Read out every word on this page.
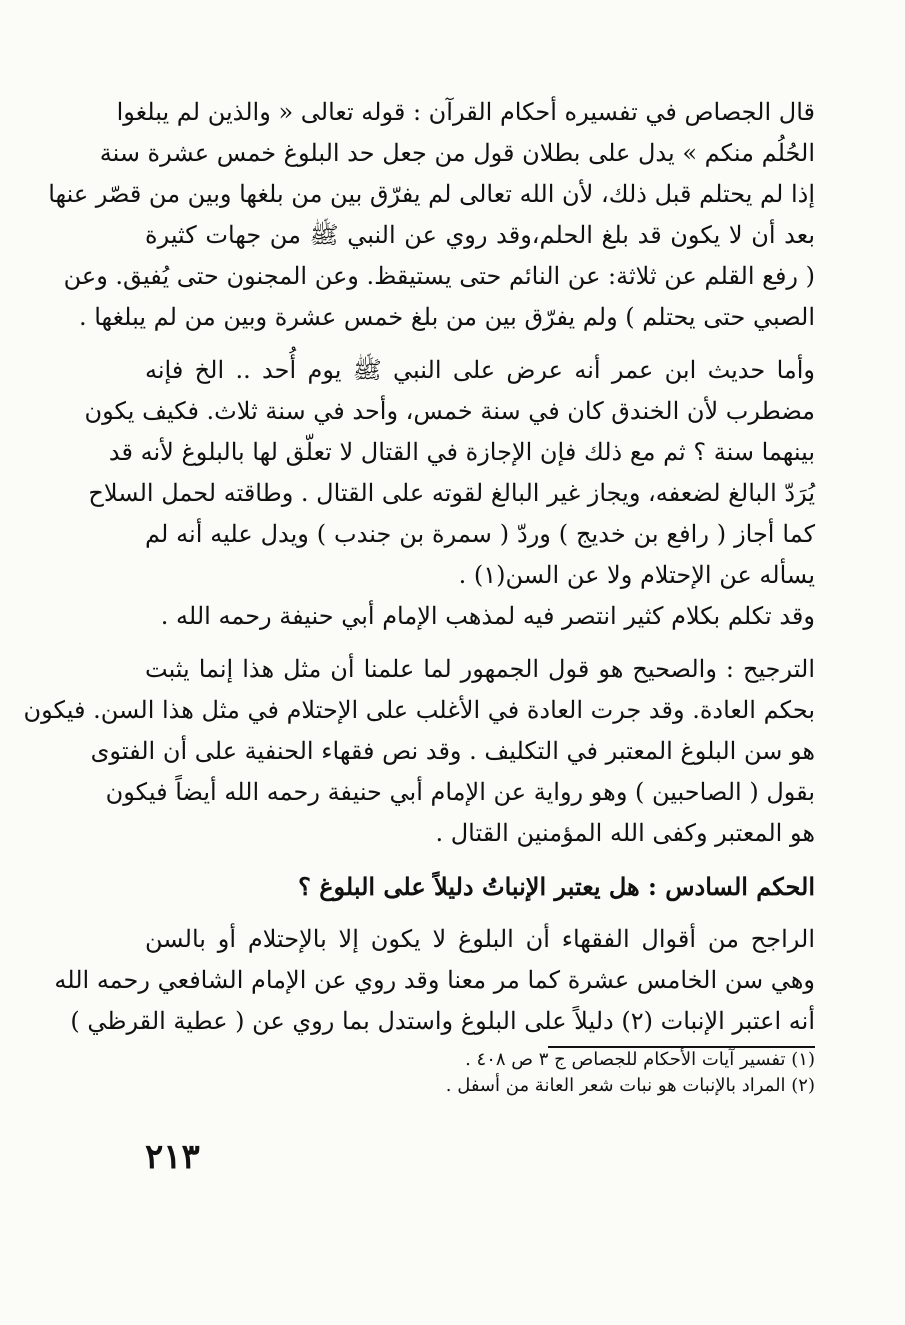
قال الجصاص في تفسيره أحكام القرآن : قوله تعالى « والذين لم يبلغوا
الحُلُم منكم » يدل على بطلان قول من جعل حد البلوغ خمس عشرة سنة
إذا لم يحتلم قبل ذلك، لأن الله تعالى لم يفرّق بين من بلغها وبين من قصّر عنها
بعد أن لا يكون قد بلغ الحلم،وقد روي عن النبي ﷺ من جهات كثيرة
( رفع القلم عن ثلاثة: عن النائم حتى يستيقظ. وعن المجنون حتى يُفيق. وعن
الصبي حتى يحتلم ) ولم يفرّق بين من بلغ خمس عشرة وبين من لم يبلغها .
وأما حديث ابن عمر أنه عرض على النبي ﷺ يوم أُحد .. الخ فإنه
مضطرب لأن الخندق كان في سنة خمس، وأحد في سنة ثلاث. فكيف يكون
بينهما سنة ؟ ثم مع ذلك فإن الإجازة في القتال لا تعلّق لها بالبلوغ لأنه قد
يُرَدّ البالغ لضعفه، ويجاز غير البالغ لقوته على القتال . وطاقته لحمل السلاح
كما أجاز ( رافع بن خديج ) وردّ ( سمرة بن جندب ) ويدل عليه أنه لم
يسأله عن الإحتلام ولا عن السن(١) .
وقد تكلم بكلام كثير انتصر فيه لمذهب الإمام أبي حنيفة رحمه الله .
الترجيح : والصحيح هو قول الجمهور لما علمنا أن مثل هذا إنما يثبت
بحكم العادة. وقد جرت العادة في الأغلب على الإحتلام في مثل هذا السن. فيكون
هو سن البلوغ المعتبر في التكليف . وقد نص فقهاء الحنفية على أن الفتوى
بقول ( الصاحبين ) وهو رواية عن الإمام أبي حنيفة رحمه الله أيضاً فيكون
هو المعتبر وكفى الله المؤمنين القتال .
الحكم السادس : هل يعتبر الإنباتُ دليلاً على البلوغ ؟
الراجح من أقوال الفقهاء أن البلوغ لا يكون إلا بالإحتلام أو بالسن
وهي سن الخامس عشرة كما مر معنا وقد روي عن الإمام الشافعي رحمه الله
أنه اعتبر الإنبات (٢) دليلاً على البلوغ واستدل بما روي عن ( عطية القرظي )
(١) تفسير آيات الأحكام للجصاص ج ٣ ص ٤٠٨ .
(٢) المراد بالإنبات هو نبات شعر العانة من أسفل .
٢١٣
